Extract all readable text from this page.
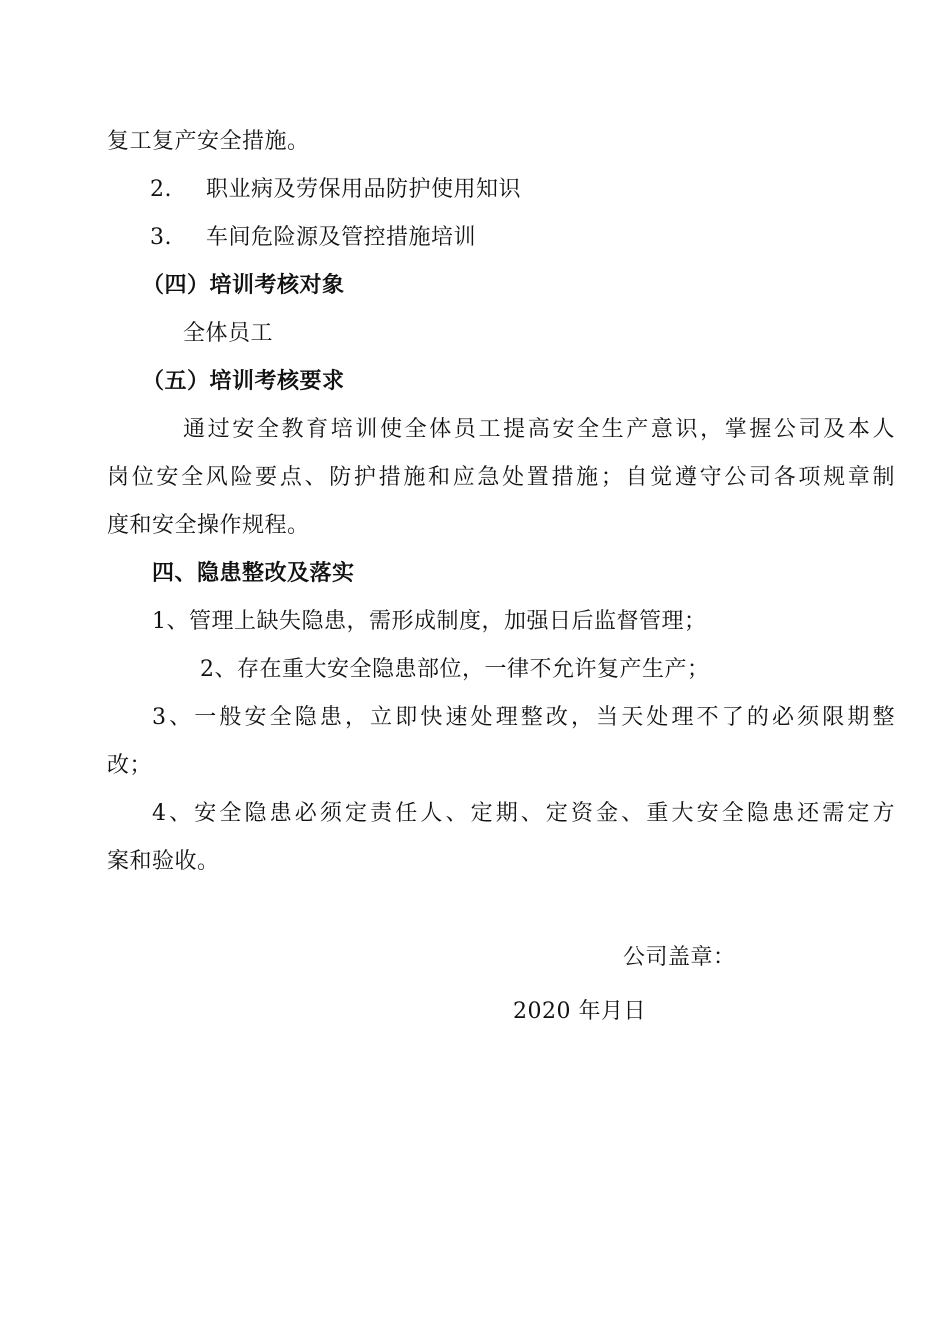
复工复产安全措施。
2. 职业病及劳保用品防护使用知识
3. 车间危险源及管控措施培训
（四）培训考核对象
全体员工
（五）培训考核要求
通过安全教育培训使全体员工提高安全生产意识，掌握公司及本人
岗位安全风险要点、防护措施和应急处置措施；自觉遵守公司各项规章制
度和安全操作规程。
四、隐患整改及落实
1、管理上缺失隐患，需形成制度，加强日后监督管理；
2、存在重大安全隐患部位，一律不允许复产生产；
3、一般安全隐患，立即快速处理整改，当天处理不了的必须限期整
改；
4、安全隐患必须定责任人、定期、定资金、重大安全隐患还需定方
案和验收。
公司盖章：
2020 年月日
